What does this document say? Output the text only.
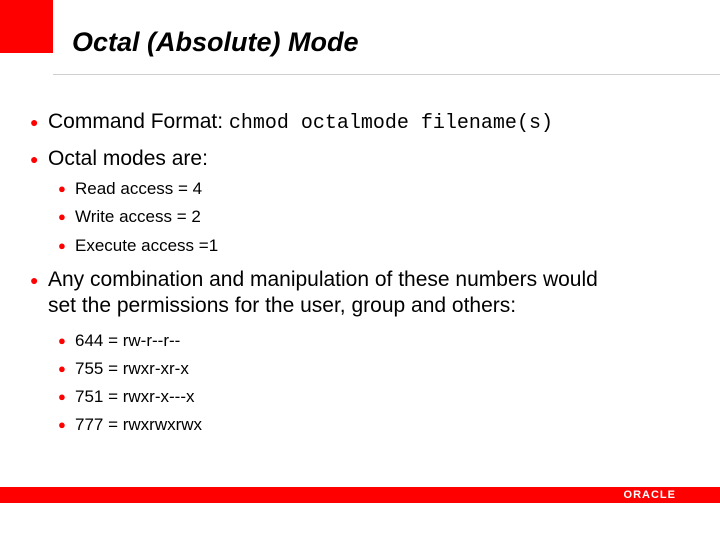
Octal (Absolute) Mode
● Command Format: chmod octalmode filename(s)
● Octal modes are:
● Read access = 4
● Write access = 2
● Execute access =1
● Any combination and manipulation of these numbers would
set the permissions for the user, group and others:
● 644 = rw-r--r--
● 755 = rwxr-xr-x
● 751 = rwxr-x---x
● 777 = rwxrwxrwx
ORACLE
